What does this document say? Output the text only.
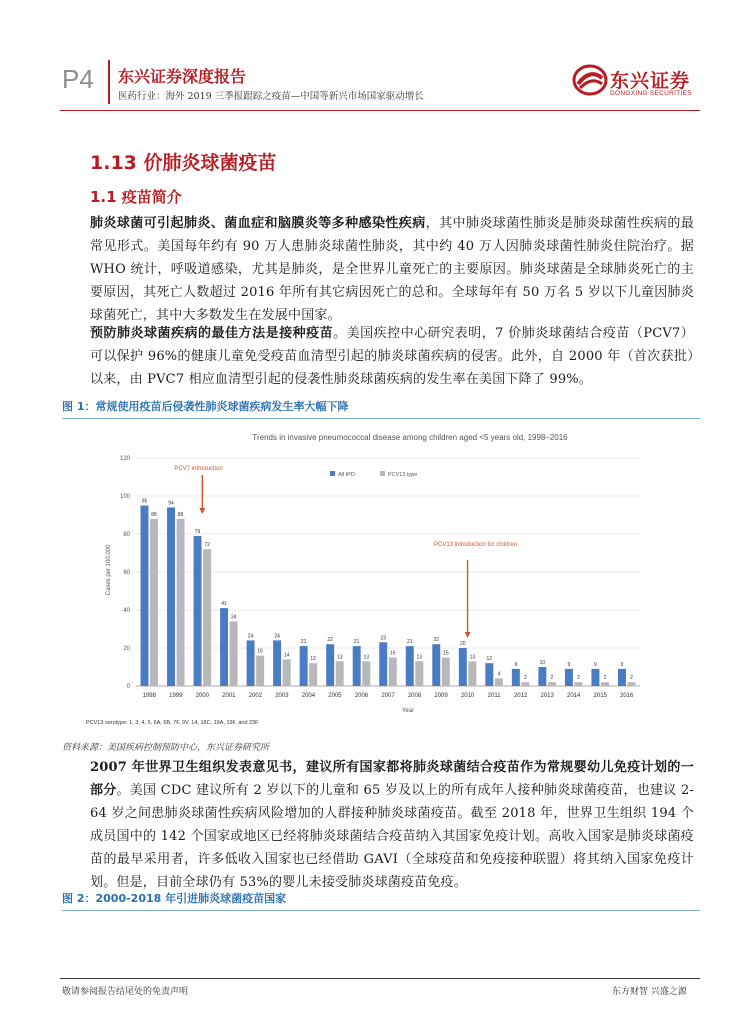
P4 东兴证券深度报告
医药行业：海外 2019 三季报跟踪之疫苗—中国等新兴市场国家驱动增长
东兴证券
DONGXING SECURITIES
1.13 价肺炎球菌疫苗
1.1 疫苗简介
肺炎球菌可引起肺炎、菌血症和脑膜炎等多种感染性疾病，其中肺炎球菌性肺炎是肺炎球菌性疾病的最常见形式。美国每年约有 90 万人患肺炎球菌性肺炎，其中约 40 万人因肺炎球菌性肺炎住院治疗。据 WHO 统计，呼吸道感染，尤其是肺炎，是全世界儿童死亡的主要原因。肺炎球菌是全球肺炎死亡的主要原因，其死亡人数超过 2016 年所有其它病因死亡的总和。全球每年有 50 万名 5 岁以下儿童因肺炎球菌死亡，其中大多数发生在发展中国家。
预防肺炎球菌疾病的最佳方法是接种疫苗。美国疾控中心研究表明，7 价肺炎球菌结合疫苗（PCV7）可以保护 96%的健康儿童免受疫苗血清型引起的肺炎球菌疾病的侵害。此外，自 2000 年（首次获批）以来，由 PVC7 相应血清型引起的侵袭性肺炎球菌疾病的发生率在美国下降了 99%。
图 1：常规使用疫苗后侵袭性肺炎球菌疾病发生率大幅下降
Trends in invasive pneumococcal disease among children aged <5 years old, 1998–2016
0
20
40
60
80
100
120
95
88
94
88
79
72
41
34
24
16
24
14
21
12
22
13
21
13
23
15
21
13
22
15
20
13 12
4
9
2
10
2
9
2
9
2
9
2
1998 1999 2000 2001 2002 2003 2004 2005 2006 2007 2008 2009 2010 2011 2012 2013 2014 2015 2016
PCV7 introduction
PCV13 introduction for children
All IPD	PCV13 type
Cases per 100,000
Year
PCV13 serotype: 1, 3, 4, 5, 6A, 6B, 7F, 9V, 14, 18C, 19A, 19F, and 23F
资料来源：美国疾病控制预防中心，东兴证券研究所
2007 年世界卫生组织发表意见书，建议所有国家都将肺炎球菌结合疫苗作为常规婴幼儿免疫计划的一部分。美国 CDC 建议所有 2 岁以下的儿童和 65 岁及以上的所有成年人接种肺炎球菌疫苗，也建议 2-64 岁之间患肺炎球菌性疾病风险增加的人群接种肺炎球菌疫苗。截至 2018 年，世界卫生组织 194 个成员国中的 142 个国家或地区已经将肺炎球菌结合疫苗纳入其国家免疫计划。高收入国家是肺炎球菌疫苗的最早采用者，许多低收入国家也已经借助 GAVI（全球疫苗和免疫接种联盟）将其纳入国家免疫计划。但是，目前全球仍有 53%的婴儿未接受肺炎球菌疫苗免疫。
图 2：2000-2018 年引进肺炎球菌疫苗国家
敬请参阅报告结尾处的免责声明	东方财智 兴盛之源
